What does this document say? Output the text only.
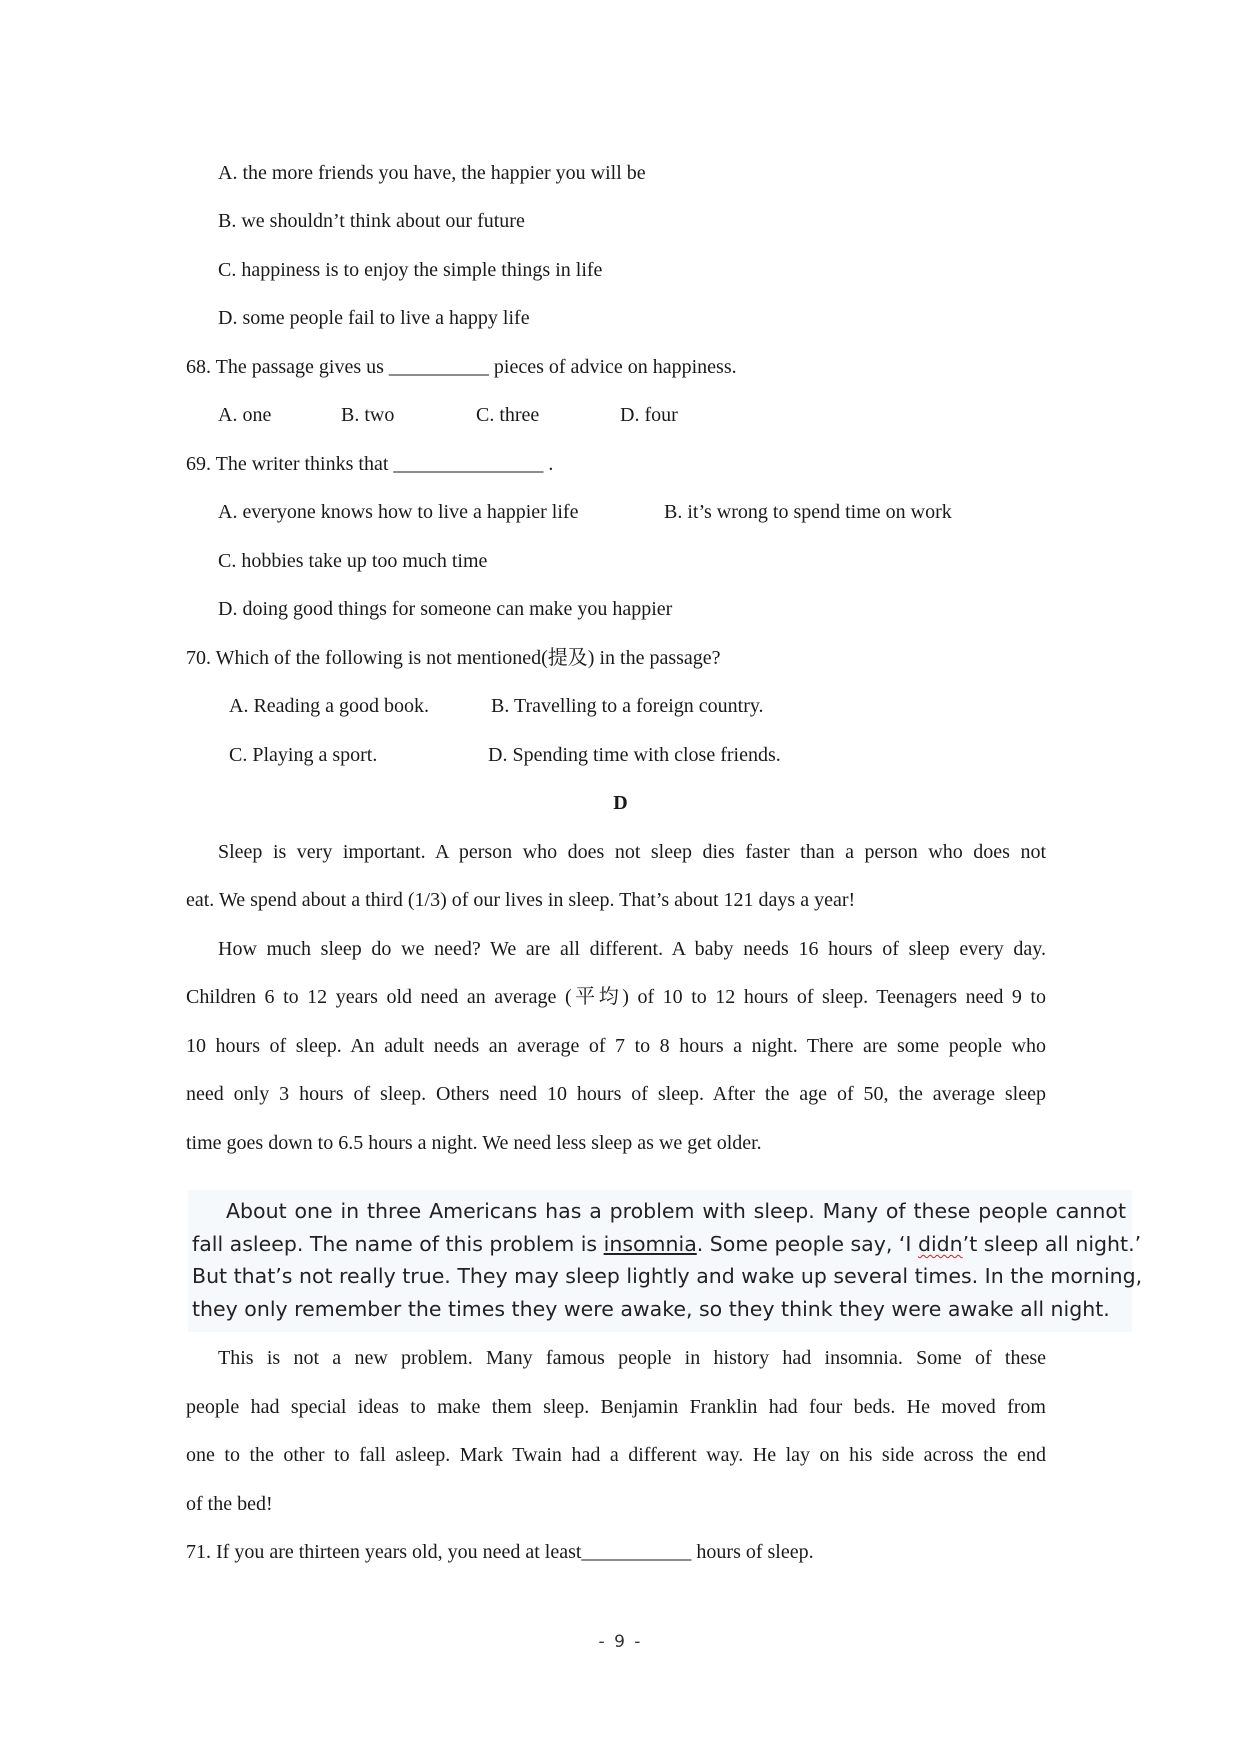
A. the more friends you have, the happier you will be
B. we shouldn’t think about our future
C. happiness is to enjoy the simple things in life
D. some people fail to live a happy life
68. The passage gives us __________ pieces of advice on happiness.
A. one	B. two	C. three	D. four
69. The writer thinks that _______________ .
A. everyone knows how to live a happier life	B. it’s wrong to spend time on work
C. hobbies take up too much time
D. doing good things for someone can make you happier
70. Which of the following is not mentioned(提及) in the passage?
A. Reading a good book.	B. Travelling to a foreign country.
C. Playing a sport.	D. Spending time with close friends.
D
Sleep is very important. A person who does not sleep dies faster than a person who does not
eat. We spend about a third (1/3) of our lives in sleep. That’s about 121 days a year!
How much sleep do we need? We are all different. A baby needs 16 hours of sleep every day.
Children 6 to 12 years old need an average (平均) of 10 to 12 hours of sleep. Teenagers need 9 to
10 hours of sleep. An adult needs an average of 7 to 8 hours a night. There are some people who
need only 3 hours of sleep. Others need 10 hours of sleep. After the age of 50, the average sleep
time goes down to 6.5 hours a night. We need less sleep as we get older.
About one in three Americans has a problem with sleep. Many of these people cannot
fall asleep. The name of this problem is insomnia. Some people say, ‘I didn’t sleep all night.’
But that’s not really true. They may sleep lightly and wake up several times. In the morning,
they only remember the times they were awake, so they think they were awake all night.
This is not a new problem. Many famous people in history had insomnia. Some of these
people had special ideas to make them sleep. Benjamin Franklin had four beds. He moved from
one to the other to fall asleep. Mark Twain had a different way. He lay on his side across the end
of the bed!
71. If you are thirteen years old, you need at least___________ hours of sleep.
- 9 -
